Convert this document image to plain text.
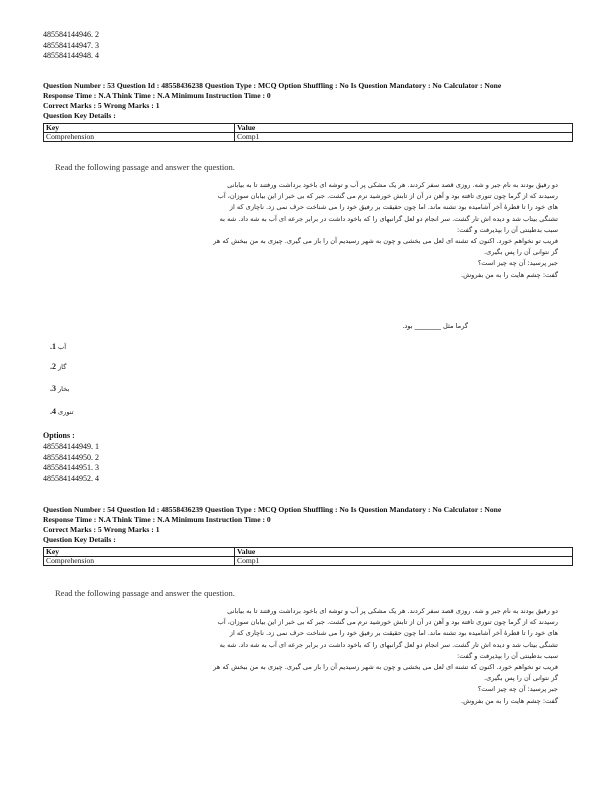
485584144946. 2
485584144947. 3
485584144948. 4
Question Number : 53 Question Id : 48558436238 Question Type : MCQ Option Shuffling : No Is Question Mandatory : No Calculator : None
Response Time : N.A Think Time : N.A Minimum Instruction Time : 0
Correct Marks : 5 Wrong Marks : 1
Question Key Details :
Key	Value
Comprehension	Comp1
Read the following passage and answer the question.

دو رفیق بودند به نام جبر و شه. روزی قصد سفر کردند. هر یک مشکی پر آب و توشه ای باخود برداشت ورفتند تا به بیابانی

رسیدند که از گرما چون تنوری تافته بود و آهن در آن از تابش خورشید نرم می گشت. جبر که بی خبر از این بیابان سوزان، آب

های خود را تا قطرهٔ آخر آشامیده بود تشنه ماند. اما چون حقیقت بر رفیق خود را می شناخت حرف نمی زد. ناچاری که از

تشنگی بیتاب شد و دیده اش تار گشت. سر انجام دو لعل گرانبهای را که باخود داشت در برابر جرعه ای آب به شه داد. شه به

سبب بدطینتی آن را بپذیرفت و گفت:

فریب تو نخواهم خورد. اکنون که تشنه ای لعل می بخشی و چون به شهر رسیدیم آن را باز می گیری. چیزی به من ببخش که هر

گز نتوانی آن را پس بگیری.

جبر پرسید: آن چه چیز است؟

گفت: چشم هایت را به من بفروش.

گرما مثل ________ بود.
آب 1.
گاز 2.
بخار 3.
تنوری 4.
Options :
485584144949. 1
485584144950. 2
485584144951. 3
485584144952. 4
Question Number : 54 Question Id : 48558436239 Question Type : MCQ Option Shuffling : No Is Question Mandatory : No Calculator : None
Response Time : N.A Think Time : N.A Minimum Instruction Time : 0
Correct Marks : 5 Wrong Marks : 1
Question Key Details :
Key	Value
Comprehension	Comp1
Read the following passage and answer the question.

دو رفیق بودند به نام جبر و شه. روزی قصد سفر کردند. هر یک مشکی پر آب و توشه ای باخود برداشت ورفتند تا به بیابانی

رسیدند که از گرما چون تنوری تافته بود و آهن در آن از تابش خورشید نرم می گشت. جبر که بی خبر از این بیابان سوزان، آب

های خود را تا قطرهٔ آخر آشامیده بود تشنه ماند. اما چون حقیقت بر رفیق خود را می شناخت حرف نمی زد. ناچاری که از

تشنگی بیتاب شد و دیده اش تار گشت. سر انجام دو لعل گرانبهای را که باخود داشت در برابر جرعه ای آب به شه داد. شه به

سبب بدطینتی آن را بپذیرفت و گفت:

فریب تو نخواهم خورد. اکنون که تشنه ای لعل می بخشی و چون به شهر رسیدیم آن را باز می گیری. چیزی به من ببخش که هر

گز نتوانی آن را پس بگیری.

جبر پرسید: آن چه چیز است؟

گفت: چشم هایت را به من بفروش.
